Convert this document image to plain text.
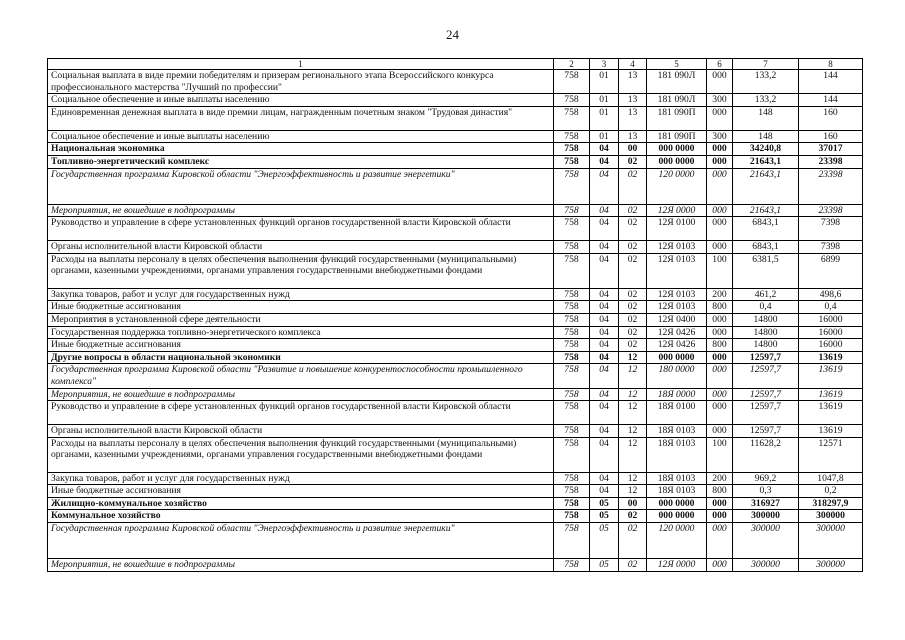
24
1	2	3	4	5	6	7	8
Социальная выплата в виде премии победителям и призерам регионального этапа Всероссийского конкурса профессионального мастерства "Лучший по профессии"	758	01	13	181 090Л	000	133,2	144
Социальное обеспечение и иные выплаты населению	758	01	13	181 090Л	300	133,2	144
Единовременная денежная выплата в виде премии лицам, награжденным почетным знаком "Трудовая династия"	758	01	13	181 090П	000	148	160
Социальное обеспечение и иные выплаты населению	758	01	13	181 090П	300	148	160
Национальная экономика	758	04	00	000 0000	000	34240,8	37017
Топливно-энергетический комплекс	758	04	02	000 0000	000	21643,1	23398
Государственная программа Кировской области "Энергоэффективность и развитие энергетики"	758	04	02	120 0000	000	21643,1	23398
Мероприятия, не вошедшие в подпрограммы	758	04	02	12Я 0000	000	21643,1	23398
Руководство и управление в сфере установленных функций органов государственной власти Кировской области	758	04	02	12Я 0100	000	6843,1	7398
Органы исполнительной власти Кировской области	758	04	02	12Я 0103	000	6843,1	7398
Расходы на выплаты персоналу в целях обеспечения выполнения функций государственными (муниципальными) органами, казенными учреждениями, органами управления государственными внебюджетными фондами	758	04	02	12Я 0103	100	6381,5	6899
Закупка товаров, работ и услуг для государственных нужд	758	04	02	12Я 0103	200	461,2	498,6
Иные бюджетные ассигнования	758	04	02	12Я 0103	800	0,4	0,4
Мероприятия в установленной сфере деятельности	758	04	02	12Я 0400	000	14800	16000
Государственная поддержка топливно-энергетического комплекса	758	04	02	12Я 0426	000	14800	16000
Иные бюджетные ассигнования	758	04	02	12Я 0426	800	14800	16000
Другие вопросы в области национальной экономики	758	04	12	000 0000	000	12597,7	13619
Государственная программа Кировской области "Развитие и повышение конкурентоспособности промышленного комплекса"	758	04	12	180 0000	000	12597,7	13619
Мероприятия, не вошедшие в подпрограммы	758	04	12	18Я 0000	000	12597,7	13619
Руководство и управление в сфере установленных функций органов государственной власти Кировской области	758	04	12	18Я 0100	000	12597,7	13619
Органы исполнительной власти Кировской области	758	04	12	18Я 0103	000	12597,7	13619
Расходы на выплаты персоналу в целях обеспечения выполнения функций государственными (муниципальными) органами, казенными учреждениями, органами управления государственными внебюджетными фондами	758	04	12	18Я 0103	100	11628,2	12571
Закупка товаров, работ и услуг для государственных нужд	758	04	12	18Я 0103	200	969,2	1047,8
Иные бюджетные ассигнования	758	04	12	18Я 0103	800	0,3	0,2
Жилищно-коммунальное хозяйство	758	05	00	000 0000	000	316927	318297,9
Коммунальное хозяйство	758	05	02	000 0000	000	300000	300000
Государственная программа Кировской области "Энергоэффективность и развитие энергетики"	758	05	02	120 0000	000	300000	300000
Мероприятия, не вошедшие в подпрограммы	758	05	02	12Я 0000	000	300000	300000
